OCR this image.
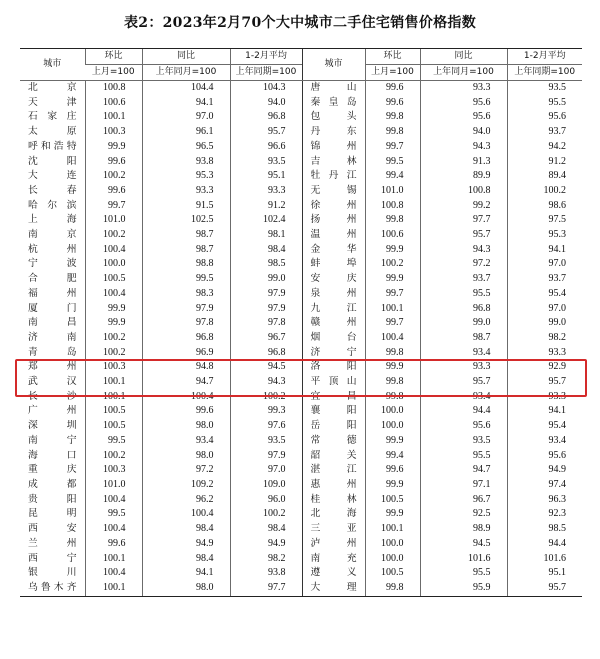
表2：2023年2月70个大中城市二手住宅销售价格指数
城市	环比	同比	1-2月平均	城市	环比	同比	1-2月平均
	上月=100	上年同月=100	上年同期=100		上月=100	上年同月=100	上年同期=100
北　京	100.8	104.4	104.3	唐　山	99.6	93.3	93.5
天　津	100.6	94.1	94.0	秦皇岛	99.6	95.6	95.5
石家庄	100.1	97.0	96.8	包　头	99.8	95.6	95.6
太　原	100.3	96.1	95.7	丹　东	99.8	94.0	93.7
呼和浩特	99.9	96.5	96.6	锦　州	99.7	94.3	94.2
沈　阳	99.6	93.8	93.5	吉　林	99.5	91.3	91.2
大　连	100.2	95.3	95.1	牡丹江	99.4	89.9	89.4
长　春	99.6	93.3	93.3	无　锡	101.0	100.8	100.2
哈尔滨	99.7	91.5	91.2	徐　州	100.8	99.2	98.6
上　海	101.0	102.5	102.4	扬　州	99.8	97.7	97.5
南　京	100.2	98.7	98.1	温　州	100.6	95.7	95.3
杭　州	100.4	98.7	98.4	金　华	99.9	94.3	94.1
宁　波	100.0	98.8	98.5	蚌　埠	100.2	97.2	97.0
合　肥	100.5	99.5	99.0	安　庆	99.9	93.7	93.7
福　州	100.4	98.3	97.9	泉　州	99.7	95.5	95.4
厦　门	99.9	97.9	97.9	九　江	100.1	96.8	97.0
南　昌	99.9	97.8	97.8	赣　州	99.7	99.0	99.0
济　南	100.2	96.8	96.7	烟　台	100.4	98.7	98.2
青　岛	100.2	96.9	96.8	济　宁	99.8	93.4	93.3
郑　州	100.3	94.8	94.5	洛　阳	99.9	93.3	92.9
武　汉	100.1	94.7	94.3	平顶山	99.8	95.7	95.7
长　沙	100.1	100.4	100.2	宜　昌	99.8	93.4	93.3
广　州	100.5	99.6	99.3	襄　阳	100.0	94.4	94.1
深　圳	100.5	98.0	97.6	岳　阳	100.0	95.6	95.4
南　宁	99.5	93.4	93.5	常　德	99.9	93.5	93.4
海　口	100.2	98.0	97.9	韶　关	99.4	95.5	95.6
重　庆	100.3	97.2	97.0	湛　江	99.6	94.7	94.9
成　都	101.0	109.2	109.0	惠　州	99.9	97.1	97.4
贵　阳	100.4	96.2	96.0	桂　林	100.5	96.7	96.3
昆　明	99.5	100.4	100.2	北　海	99.9	92.5	92.3
西　安	100.4	98.4	98.4	三　亚	100.1	98.9	98.5
兰　州	99.6	94.9	94.9	泸　州	100.0	94.5	94.4
西　宁	100.1	98.4	98.2	南　充	100.0	101.6	101.6
银　川	100.4	94.1	93.8	遵　义	100.5	95.5	95.1
乌鲁木齐	100.1	98.0	97.7	大　理	99.8	95.9	95.7
